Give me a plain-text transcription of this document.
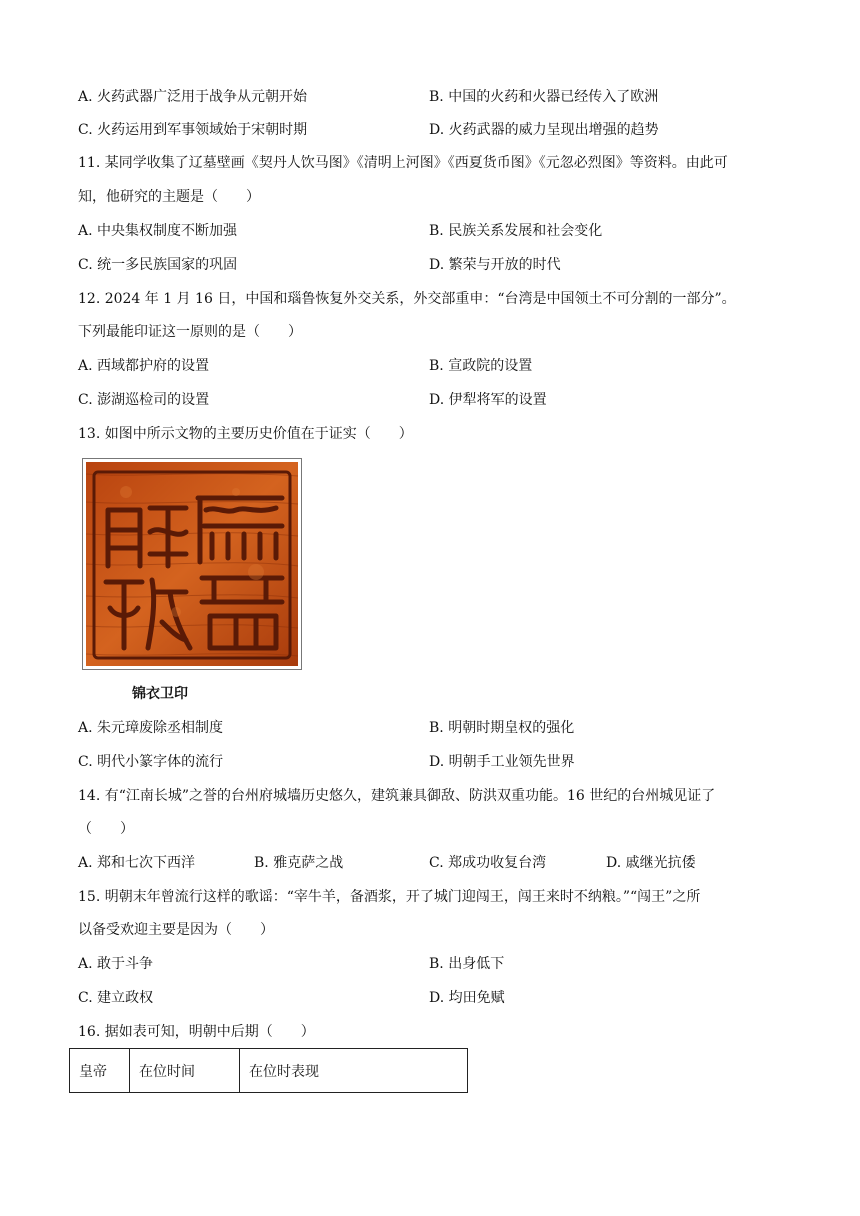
A. 火药武器广泛用于战争从元朝开始	B. 中国的火药和火器已经传入了欧洲
C. 火药运用到军事领域始于宋朝时期	D. 火药武器的威力呈现出增强的趋势
11. 某同学收集了辽墓壁画《契丹人饮马图》《清明上河图》《西夏货币图》《元忽必烈图》等资料。由此可
知，他研究的主题是（　　）
A. 中央集权制度不断加强	B. 民族关系发展和社会变化
C. 统一多民族国家的巩固	D. 繁荣与开放的时代
12. 2024 年 1 月 16 日，中国和瑙鲁恢复外交关系，外交部重申：“台湾是中国领土不可分割的一部分”。
下列最能印证这一原则的是（　　）
A. 西域都护府的设置	B. 宣政院的设置
C. 澎湖巡检司的设置	D. 伊犁将军的设置
13. 如图中所示文物的主要历史价值在于证实（　　）
锦衣卫印
A. 朱元璋废除丞相制度	B. 明朝时期皇权的强化
C. 明代小篆字体的流行	D. 明朝手工业领先世界
14. 有“江南长城”之誉的台州府城墙历史悠久，建筑兼具御敌、防洪双重功能。16 世纪的台州城见证了
（　　）
A. 郑和七次下西洋	B. 雅克萨之战	C. 郑成功收复台湾	D. 戚继光抗倭
15. 明朝末年曾流行这样的歌谣：“宰牛羊，备酒浆，开了城门迎闯王，闯王来时不纳粮。”“闯王”之所
以备受欢迎主要是因为（　　）
A. 敢于斗争	B. 出身低下
C. 建立政权	D. 均田免赋
16. 据如表可知，明朝中后期（　　）
皇帝	在位时间	在位时表现
